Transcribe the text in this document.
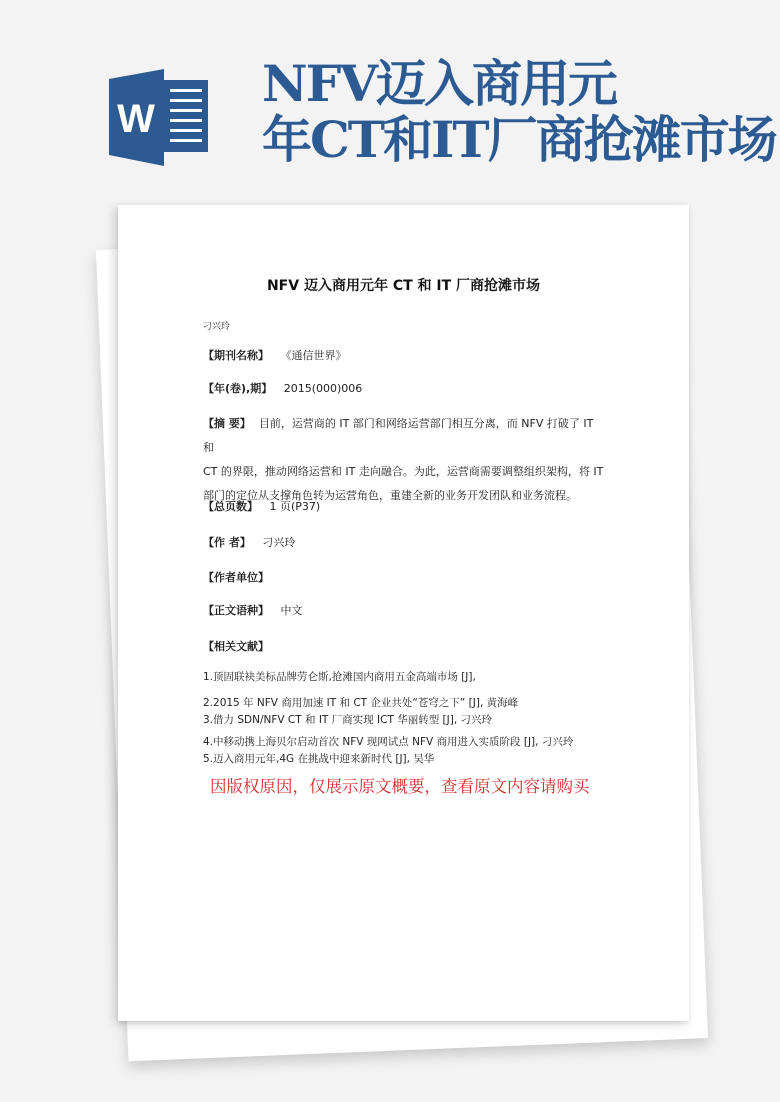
W
NFV迈入商用元
年CT和IT厂商抢滩市场
NFV 迈入商用元年 CT 和 IT 厂商抢滩市场
刁兴玲
【期刊名称】 《通信世界》
【年(卷),期】 2015(000)006
【摘 要】 目前，运营商的 IT 部门和网络运营部门相互分离，而 NFV 打破了 IT 和
CT 的界限，推动网络运营和 IT 走向融合。为此，运营商需要调整组织架构，将 IT
部门的定位从支撑角色转为运营角色，重建全新的业务开发团队和业务流程。
【总页数】 1 页(P37)
【作 者】 刁兴玲
【作者单位】
【正文语种】 中文
【相关文献】
1.顶固联袂美标品牌劳仑斯,抢滩国内商用五金高端市场 [J],
2.2015 年 NFV 商用加速 IT 和 CT 企业共处“苍穹之下” [J], 黄海峰
3.借力 SDN/NFV CT 和 IT 厂商实现 ICT 华丽转型 [J], 刁兴玲
4.中移动携上海贝尔启动首次 NFV 现网试点 NFV 商用进入实质阶段 [J], 刁兴玲
5.迈入商用元年,4G 在挑战中迎来新时代 [J], 吴华
因版权原因，仅展示原文概要，查看原文内容请购买
